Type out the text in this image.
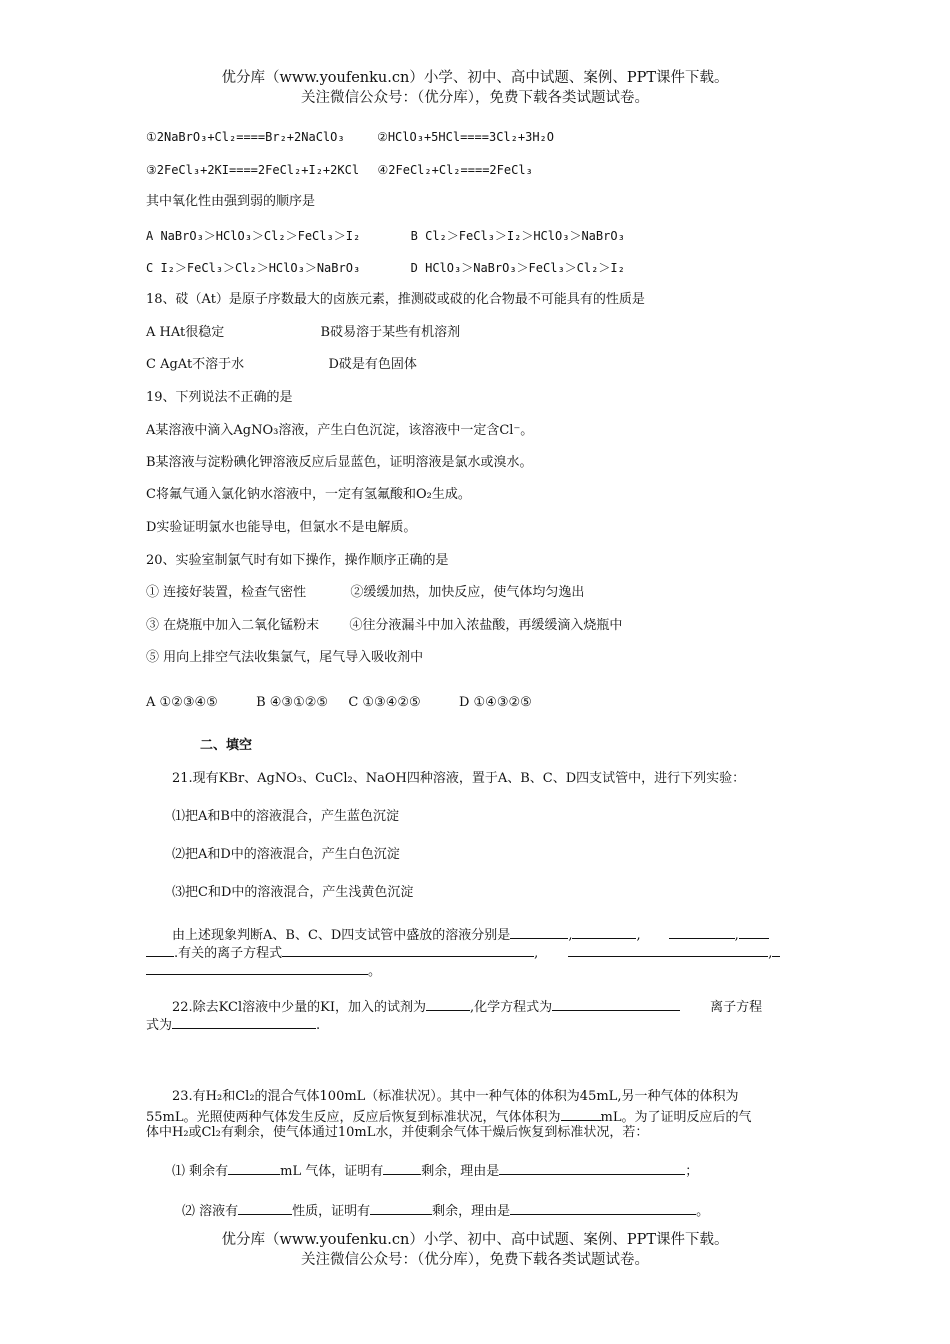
优分库（www.youfenku.cn）小学、初中、高中试题、案例、PPT课件下载。
关注微信公众号：（优分库），免费下载各类试题试卷。
①2NaBrO₃+Cl₂====Br₂+2NaClO₃	②HClO₃+5HCl====3Cl₂+3H₂O
③2FeCl₃+2KI====2FeCl₂+I₂+2KCl ④2FeCl₂+Cl₂====2FeCl₃
其中氧化性由强到弱的顺序是
A NaBrO₃＞HClO₃＞Cl₂＞FeCl₃＞I₂	B Cl₂＞FeCl₃＞I₂＞HClO₃＞NaBrO₃
C I₂＞FeCl₃＞Cl₂＞HClO₃＞NaBrO₃	D HClO₃＞NaBrO₃＞FeCl₃＞Cl₂＞I₂
18、砹（At）是原子序数最大的卤族元素，推测砹或砹的化合物最不可能具有的性质是
A HAt很稳定	B砹易溶于某些有机溶剂
C AgAt不溶于水	D砹是有色固体
19、下列说法不正确的是
A某溶液中滴入AgNO₃溶液，产生白色沉淀，该溶液中一定含Cl⁻。
B某溶液与淀粉碘化钾溶液反应后显蓝色，证明溶液是氯水或溴水。
C将氟气通入氯化钠水溶液中，一定有氢氟酸和O₂生成。
D实验证明氯水也能导电，但氯水不是电解质。
20、实验室制氯气时有如下操作，操作顺序正确的是
① 连接好装置，检查气密性	②缓缓加热，加快反应，使气体均匀逸出
③ 在烧瓶中加入二氧化锰粉末 ④往分液漏斗中加入浓盐酸，再缓缓滴入烧瓶中
⑤ 用向上排空气法收集氯气，尾气导入吸收剂中
A ①②③④⑤	B ④③①②⑤ C ①③④②⑤	D ①④③②⑤
二、填空
21.现有KBr、AgNO₃、CuCl₂、NaOH四种溶液，置于A、B、C、D四支试管中，进行下列实验：
⑴把A和B中的溶液混合，产生蓝色沉淀
⑵把A和D中的溶液混合，产生白色沉淀
⑶把C和D中的溶液混合，产生浅黄色沉淀
由上述现象判断A、B、C、D四支试管中盛放的溶液分别是	,	,	,
.有关的离子方程式	,	,
。
22.除去KCl溶液中少量的KI，加入的试剂为	,化学方程式为	离子方程
式为	.
23.有H₂和Cl₂的混合气体100mL（标准状况）。其中一种气体的体积为45mL,另一种气体的体积为
55mL。光照使两种气体发生反应，反应后恢复到标准状况，气体体积为	mL。为了证明反应后的气
体中H₂或Cl₂有剩余，使气体通过10mL水，并使剩余气体干燥后恢复到标准状况，若：
⑴ 剩余有	mL 气体，证明有	剩余，理由是	；
⑵ 溶液有	性质，证明有	剩余，理由是	。
优分库（www.youfenku.cn）小学、初中、高中试题、案例、PPT课件下载。
关注微信公众号：（优分库），免费下载各类试题试卷。
